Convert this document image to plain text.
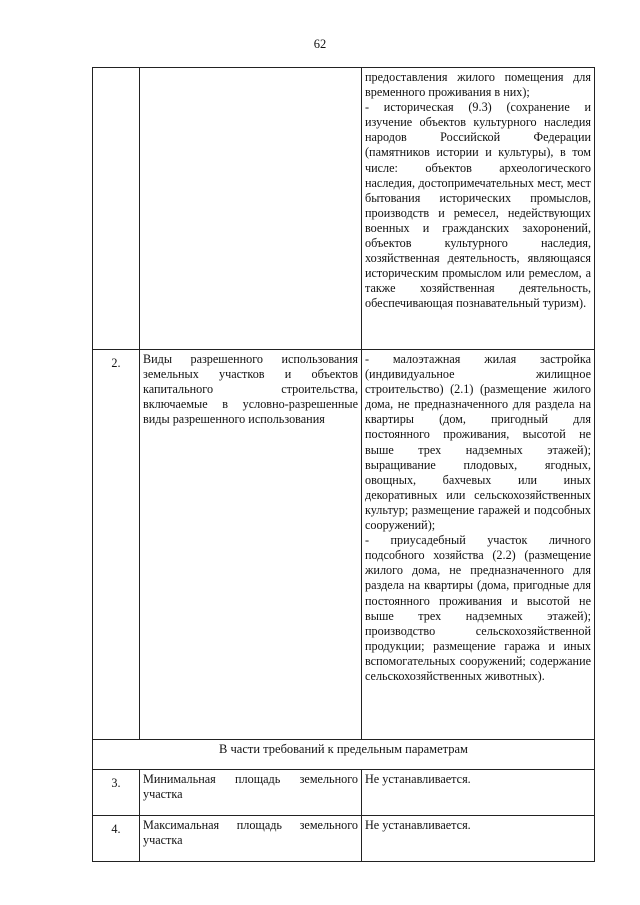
62

		предоставления жилого помещения для временного проживания в них);

- историческая (9.3) (сохранение и изучение объектов культурного наследия народов Российской Федерации (памятников истории и культуры), в том числе: объектов археологического наследия, достопримечательных мест, мест бытования исторических промыслов, производств и ремесел, недействующих военных и гражданских захоронений, объектов культурного наследия, хозяйственная деятельность, являющаяся историческим промыслом или ремеслом, а также хозяйственная деятельность, обеспечивающая познавательный туризм).

2.	Виды разрешенного использования земельных участков и объектов капитального строительства, включаемые в условно-разрешенные виды разрешенного использования	- малоэтажная жилая застройка (индивидуальное жилищное строительство) (2.1) (размещение жилого дома, не предназначенного для раздела на квартиры (дом, пригодный для постоянного проживания, высотой не выше трех надземных этажей); выращивание плодовых, ягодных, овощных, бахчевых или иных декоративных или сельскохозяйственных культур; размещение гаражей и подсобных сооружений);

- приусадебный участок личного подсобного хозяйства (2.2) (размещение жилого дома, не предназначенного для раздела на квартиры (дома, пригодные для постоянного проживания и высотой не выше трех надземных этажей); производство сельскохозяйственной продукции; размещение гаража и иных вспомогательных сооружений; содержание сельскохозяйственных животных).

В части требований к предельным параметрам		
3.	Минимальная площадь земельного участка	Не устанавливается.
4.	Максимальная площадь земельного участка	Не устанавливается.
